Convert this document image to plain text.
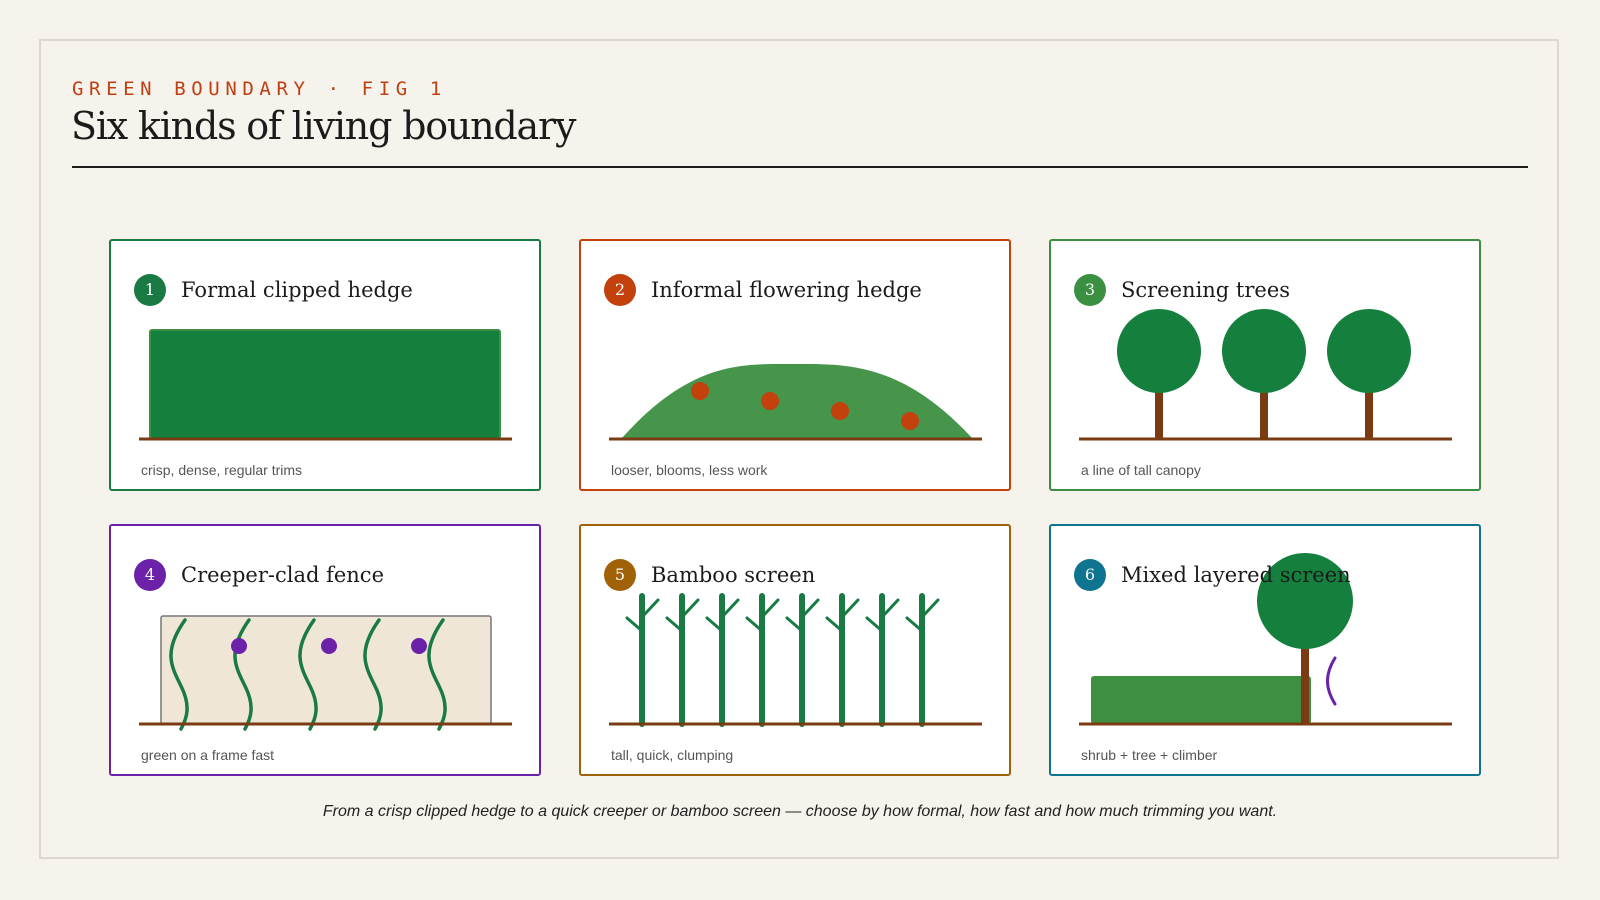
GREEN BOUNDARY · FIG 1
Six kinds of living boundary
1	Formal clipped hedge
crisp, dense, regular trims
2	Informal flowering hedge
looser, blooms, less work
3	Screening trees
a line of tall canopy
4	Creeper-clad fence
green on a frame fast
5	Bamboo screen
tall, quick, clumping
6	Mixed layered screen
shrub + tree + climber
From a crisp clipped hedge to a quick creeper or bamboo screen — choose by how formal, how fast and how much trimming you want.
